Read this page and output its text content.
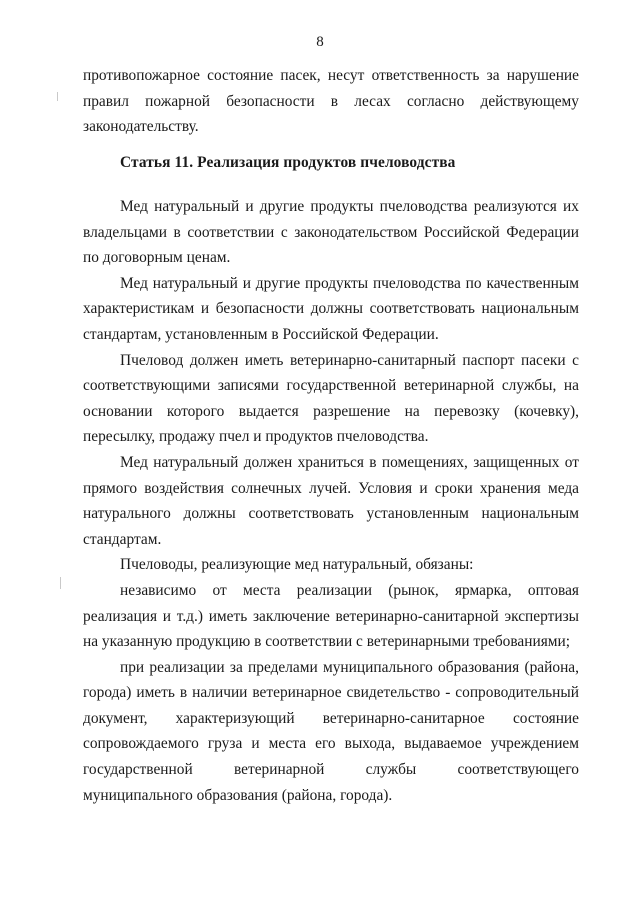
8

противопожарное состояние пасек, несут ответственность за нарушение правил пожарной безопасности в лесах согласно действующему законодательству.

Статья 11. Реализация продуктов пчеловодства

Мед натуральный и другие продукты пчеловодства реализуются их владельцами в соответствии с законодательством Российской Федерации по договорным ценам.

Мед натуральный и другие продукты пчеловодства по качественным характеристикам и безопасности должны соответствовать национальным стандартам, установленным в Российской Федерации.

Пчеловод должен иметь ветеринарно-санитарный паспорт пасеки с соответствующими записями государственной ветеринарной службы, на основании которого выдается разрешение на перевозку (кочевку), пересылку, продажу пчел и продуктов пчеловодства.

Мед натуральный должен храниться в помещениях, защищенных от прямого воздействия солнечных лучей. Условия и сроки хранения меда натурального должны соответствовать установленным национальным стандартам.

Пчеловоды, реализующие мед натуральный, обязаны:

независимо от места реализации (рынок, ярмарка, оптовая реализация и т.д.) иметь заключение ветеринарно-санитарной экспертизы на указанную продукцию в соответствии с ветеринарными требованиями;

при реализации за пределами муниципального образования (района, города) иметь в наличии ветеринарное свидетельство - сопроводительный документ, характеризующий ветеринарно-санитарное состояние сопровождаемого груза и места его выхода, выдаваемое учреждением государственной ветеринарной службы соответствующего муниципального образования (района, города).
